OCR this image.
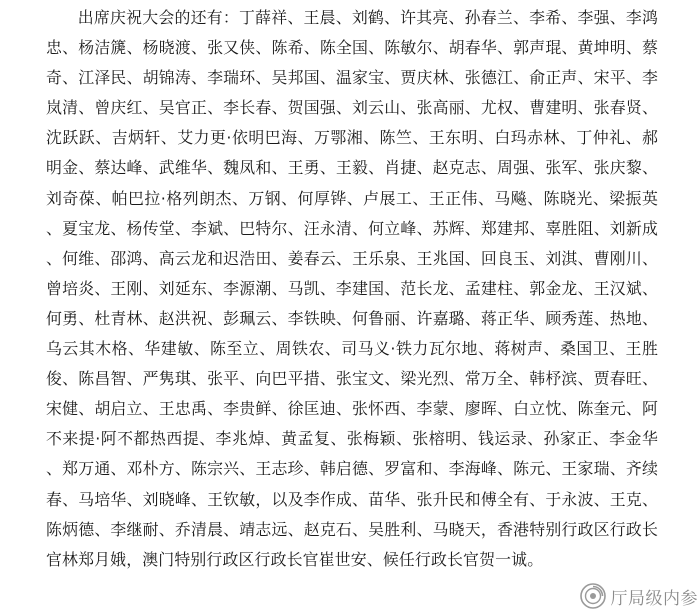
出席庆祝大会的还有：丁薛祥、王晨、刘鹤、许其亮、孙春兰、李希、李强、李鸿忠、杨洁篪、杨晓渡、张又侠、陈希、陈全国、陈敏尔、胡春华、郭声琨、黄坤明、蔡奇、江泽民、胡锦涛、李瑞环、吴邦国、温家宝、贾庆林、张德江、俞正声、宋平、李岚清、曾庆红、吴官正、李长春、贺国强、刘云山、张高丽、尤权、曹建明、张春贤、沈跃跃、吉炳轩、艾力更·依明巴海、万鄂湘、陈竺、王东明、白玛赤林、丁仲礼、郝明金、蔡达峰、武维华、魏凤和、王勇、王毅、肖捷、赵克志、周强、张军、张庆黎、刘奇葆、帕巴拉·格列朗杰、万钢、何厚铧、卢展工、王正伟、马飚、陈晓光、梁振英、夏宝龙、杨传堂、李斌、巴特尔、汪永清、何立峰、苏辉、郑建邦、辜胜阻、刘新成、何维、邵鸿、高云龙和迟浩田、姜春云、王乐泉、王兆国、回良玉、刘淇、曹刚川、曾培炎、王刚、刘延东、李源潮、马凯、李建国、范长龙、孟建柱、郭金龙、王汉斌、何勇、杜青林、赵洪祝、彭珮云、李铁映、何鲁丽、许嘉璐、蒋正华、顾秀莲、热地、乌云其木格、华建敏、陈至立、周铁农、司马义·铁力瓦尔地、蒋树声、桑国卫、王胜俊、陈昌智、严隽琪、张平、向巴平措、张宝文、梁光烈、常万全、韩杼滨、贾春旺、宋健、胡启立、王忠禹、李贵鲜、徐匡迪、张怀西、李蒙、廖晖、白立忱、陈奎元、阿不来提·阿不都热西提、李兆焯、黄孟复、张梅颖、张榕明、钱运录、孙家正、李金华、郑万通、邓朴方、陈宗兴、王志珍、韩启德、罗富和、李海峰、陈元、王家瑞、齐续春、马培华、刘晓峰、王钦敏，以及李作成、苗华、张升民和傅全有、于永波、王克、陈炳德、李继耐、乔清晨、靖志远、赵克石、吴胜利、马晓天，香港特别行政区行政长官林郑月娥，澳门特别行政区行政长官崔世安、候任行政长官贺一诚。

厅局级内参
